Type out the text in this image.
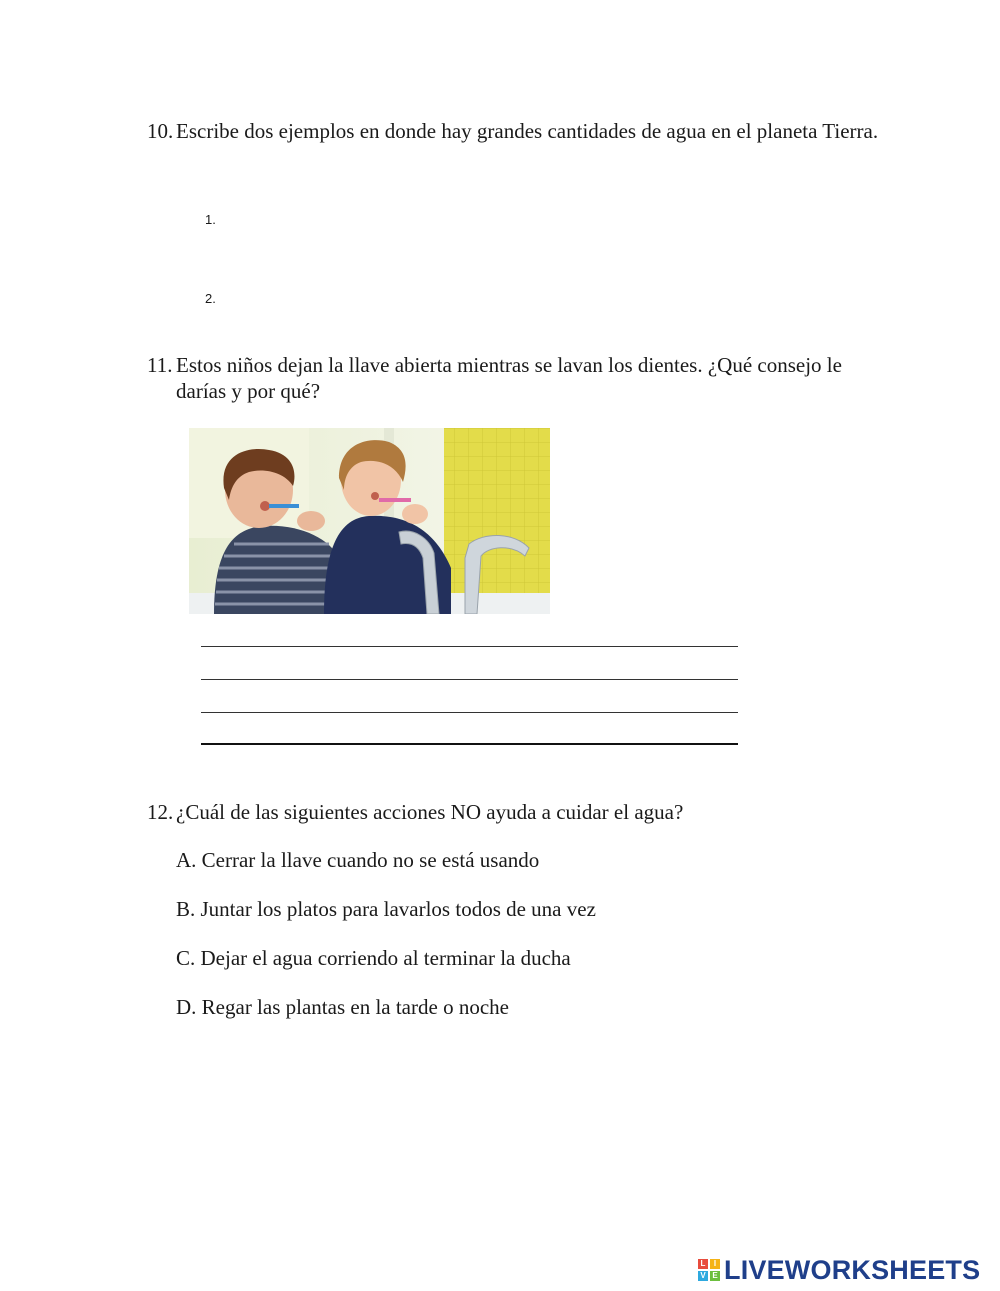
10. Escribe dos ejemplos en donde hay grandes cantidades de agua en el planeta Tierra.
1.
2.
11. Estos niños dejan la llave abierta mientras se lavan los dientes. ¿Qué consejo le darías y por qué?
12. ¿Cuál de las siguientes acciones NO ayuda a cuidar el agua?
A. Cerrar la llave cuando no se está usando
B. Juntar los platos para lavarlos todos de una vez
C. Dejar el agua corriendo al terminar la ducha
D. Regar las plantas en la tarde o noche
L	I
V E LIVEWORKSHEETS
